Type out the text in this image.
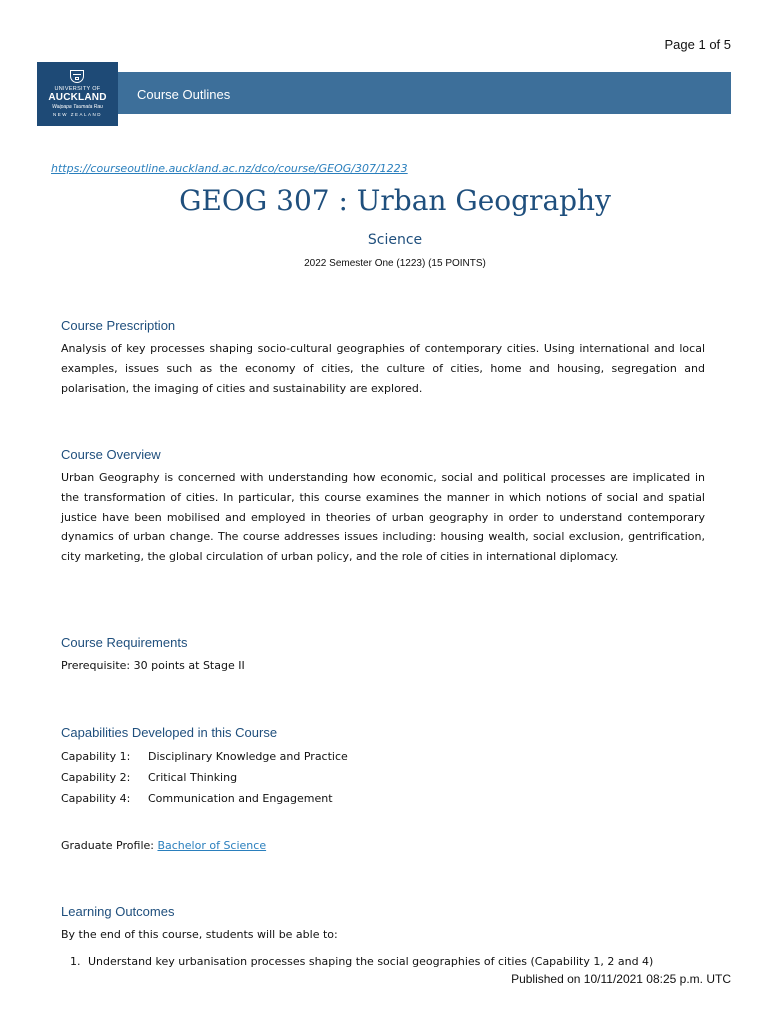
Page 1 of 5
UNIVERSITY OF
AUCKLAND
Waipapa Taumata Rau
NEW ZEALAND
Course Outlines
https://courseoutline.auckland.ac.nz/dco/course/GEOG/307/1223
GEOG 307 : Urban Geography
Science
2022 Semester One (1223) (15 POINTS)
Course Prescription

Analysis of key processes shaping socio-cultural geographies of contemporary cities. Using international and local examples, issues such as the economy of cities, the culture of cities, home and housing, segregation and polarisation, the imaging of cities and sustainability are explored.

Course Overview

Urban Geography is concerned with understanding how economic, social and political processes are implicated in the transformation of cities. In particular, this course examines the manner in which notions of social and spatial justice have been mobilised and employed in theories of urban geography in order to understand contemporary dynamics of urban change. The course addresses issues including: housing wealth, social exclusion, gentrification, city marketing, the global circulation of urban policy, and the role of cities in international diplomacy.

Course Requirements

Prerequisite: 30 points at Stage II

Capabilities Developed in this Course
Capability 1: Disciplinary Knowledge and Practice
Capability 2: Critical Thinking
Capability 4: Communication and Engagement
Graduate Profile: Bachelor of Science
Learning Outcomes

By the end of this course, students will be able to:

1. Understand key urbanisation processes shaping the social geographies of cities (Capability 1, 2 and 4)
Published on 10/11/2021 08:25 p.m. UTC
